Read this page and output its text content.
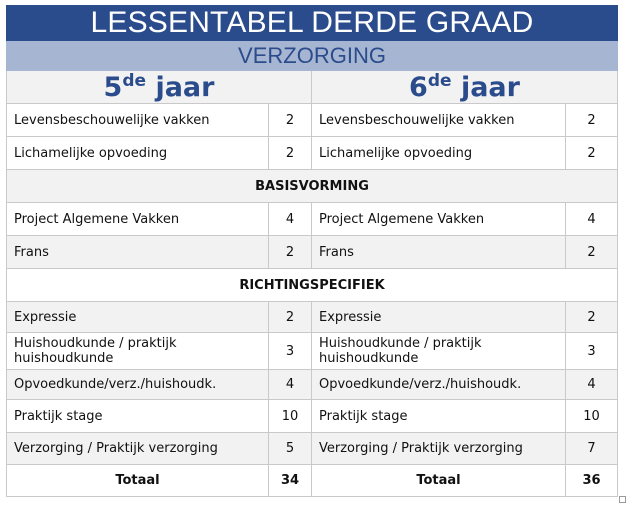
LESSENTABEL DERDE GRAAD			
VERZORGING			
5de jaar		6de jaar	
Levensbeschouwelijke vakken	2	Levensbeschouwelijke vakken	2
Lichamelijke opvoeding	2	Lichamelijke opvoeding	2
BASISVORMING			
Project Algemene Vakken	4	Project Algemene Vakken	4
Frans	2	Frans	2
RICHTINGSPECIFIEK			
Expressie	2	Expressie	2
Huishoudkunde / praktijk huishoudkunde	3	Huishoudkunde / praktijk huishoudkunde	3
Opvoedkunde/verz./huishoudk.	4	Opvoedkunde/verz./huishoudk.	4
Praktijk stage	10	Praktijk stage	10
Verzorging / Praktijk verzorging	5	Verzorging / Praktijk verzorging	7
Totaal	34	Totaal	36
